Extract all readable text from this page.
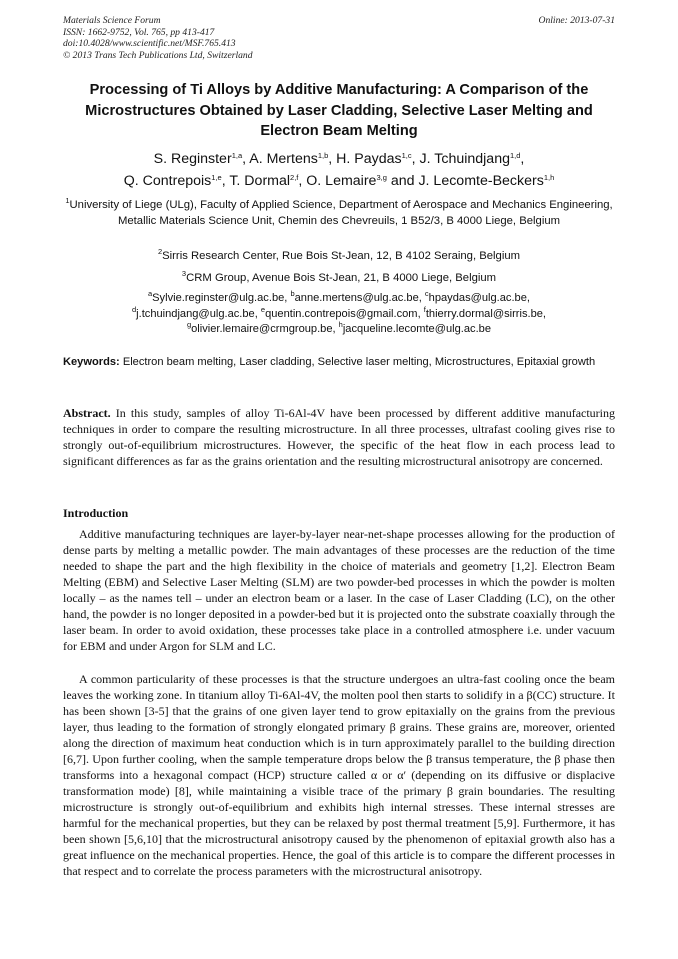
Materials Science Forum
ISSN: 1662-9752, Vol. 765, pp 413-417
doi:10.4028/www.scientific.net/MSF.765.413
© 2013 Trans Tech Publications Ltd, Switzerland
Online: 2013-07-31
Processing of Ti Alloys by Additive Manufacturing: A Comparison of the Microstructures Obtained by Laser Cladding, Selective Laser Melting and Electron Beam Melting
S. Reginster$^{1,a}$, A. Mertens$^{1,b}$, H. Paydas$^{1,c}$, J. Tchuindjang$^{1,d}$,
Q. Contrepois$^{1,e}$, T. Dormal$^{2,f}$, O. Lemaire$^{3,g}$ and J. Lecomte-Beckers$^{1,h}$
$^1$University of Liege (ULg), Faculty of Applied Science, Department of Aerospace and Mechanics Engineering, Metallic Materials Science Unit, Chemin des Chevreuils, 1 B52/3, B 4000 Liege, Belgium
$^2$Sirris Research Center, Rue Bois St-Jean, 12, B 4102 Seraing, Belgium
$^3$CRM Group, Avenue Bois St-Jean, 21, B 4000 Liege, Belgium
$^a$Sylvie.reginster@ulg.ac.be, $^b$anne.mertens@ulg.ac.be, $^c$hpaydas@ulg.ac.be,
$^d$j.tchuindjang@ulg.ac.be, $^e$quentin.contrepois@gmail.com, $^f$thierry.dormal@sirris.be,
$^g$olivier.lemaire@crmgroup.be, $^h$jacqueline.lecomte@ulg.ac.be
Keywords: Electron beam melting, Laser cladding, Selective laser melting, Microstructures, Epitaxial growth
Abstract. In this study, samples of alloy Ti-6Al-4V have been processed by different additive manufacturing techniques in order to compare the resulting microstructure. In all three processes, ultrafast cooling gives rise to strongly out-of-equilibrium microstructures. However, the specific of the heat flow in each process lead to significant differences as far as the grains orientation and the resulting microstructural anisotropy are concerned.
Introduction
Additive manufacturing techniques are layer-by-layer near-net-shape processes allowing for the production of dense parts by melting a metallic powder. The main advantages of these processes are the reduction of the time needed to shape the part and the high flexibility in the choice of materials and geometry [1,2]. Electron Beam Melting (EBM) and Selective Laser Melting (SLM) are two powder-bed processes in which the powder is molten locally – as the names tell – under an electron beam or a laser. In the case of Laser Cladding (LC), on the other hand, the powder is no longer deposited in a powder-bed but it is projected onto the substrate coaxially through the laser beam. In order to avoid oxidation, these processes take place in a controlled atmosphere i.e. under vacuum for EBM and under Argon for SLM and LC.
A common particularity of these processes is that the structure undergoes an ultra-fast cooling once the beam leaves the working zone. In titanium alloy Ti-6Al-4V, the molten pool then starts to solidify in a β(CC) structure. It has been shown [3-5] that the grains of one given layer tend to grow epitaxially on the grains from the previous layer, thus leading to the formation of strongly elongated primary β grains. These grains are, moreover, oriented along the direction of maximum heat conduction which is in turn approximately parallel to the building direction [6,7]. Upon further cooling, when the sample temperature drops below the β transus temperature, the β phase then transforms into a hexagonal compact (HCP) structure called α or α′ (depending on its diffusive or displacive transformation mode) [8], while maintaining a visible trace of the primary β grain boundaries. The resulting microstructure is strongly out-of-equilibrium and exhibits high internal stresses. These internal stresses are harmful for the mechanical properties, but they can be relaxed by post thermal treatment [5,9]. Furthermore, it has been shown [5,6,10] that the microstructural anisotropy caused by the phenomenon of epitaxial growth also has a great influence on the mechanical properties. Hence, the goal of this article is to compare the different processes in that respect and to correlate the process parameters with the microstructural anisotropy.
